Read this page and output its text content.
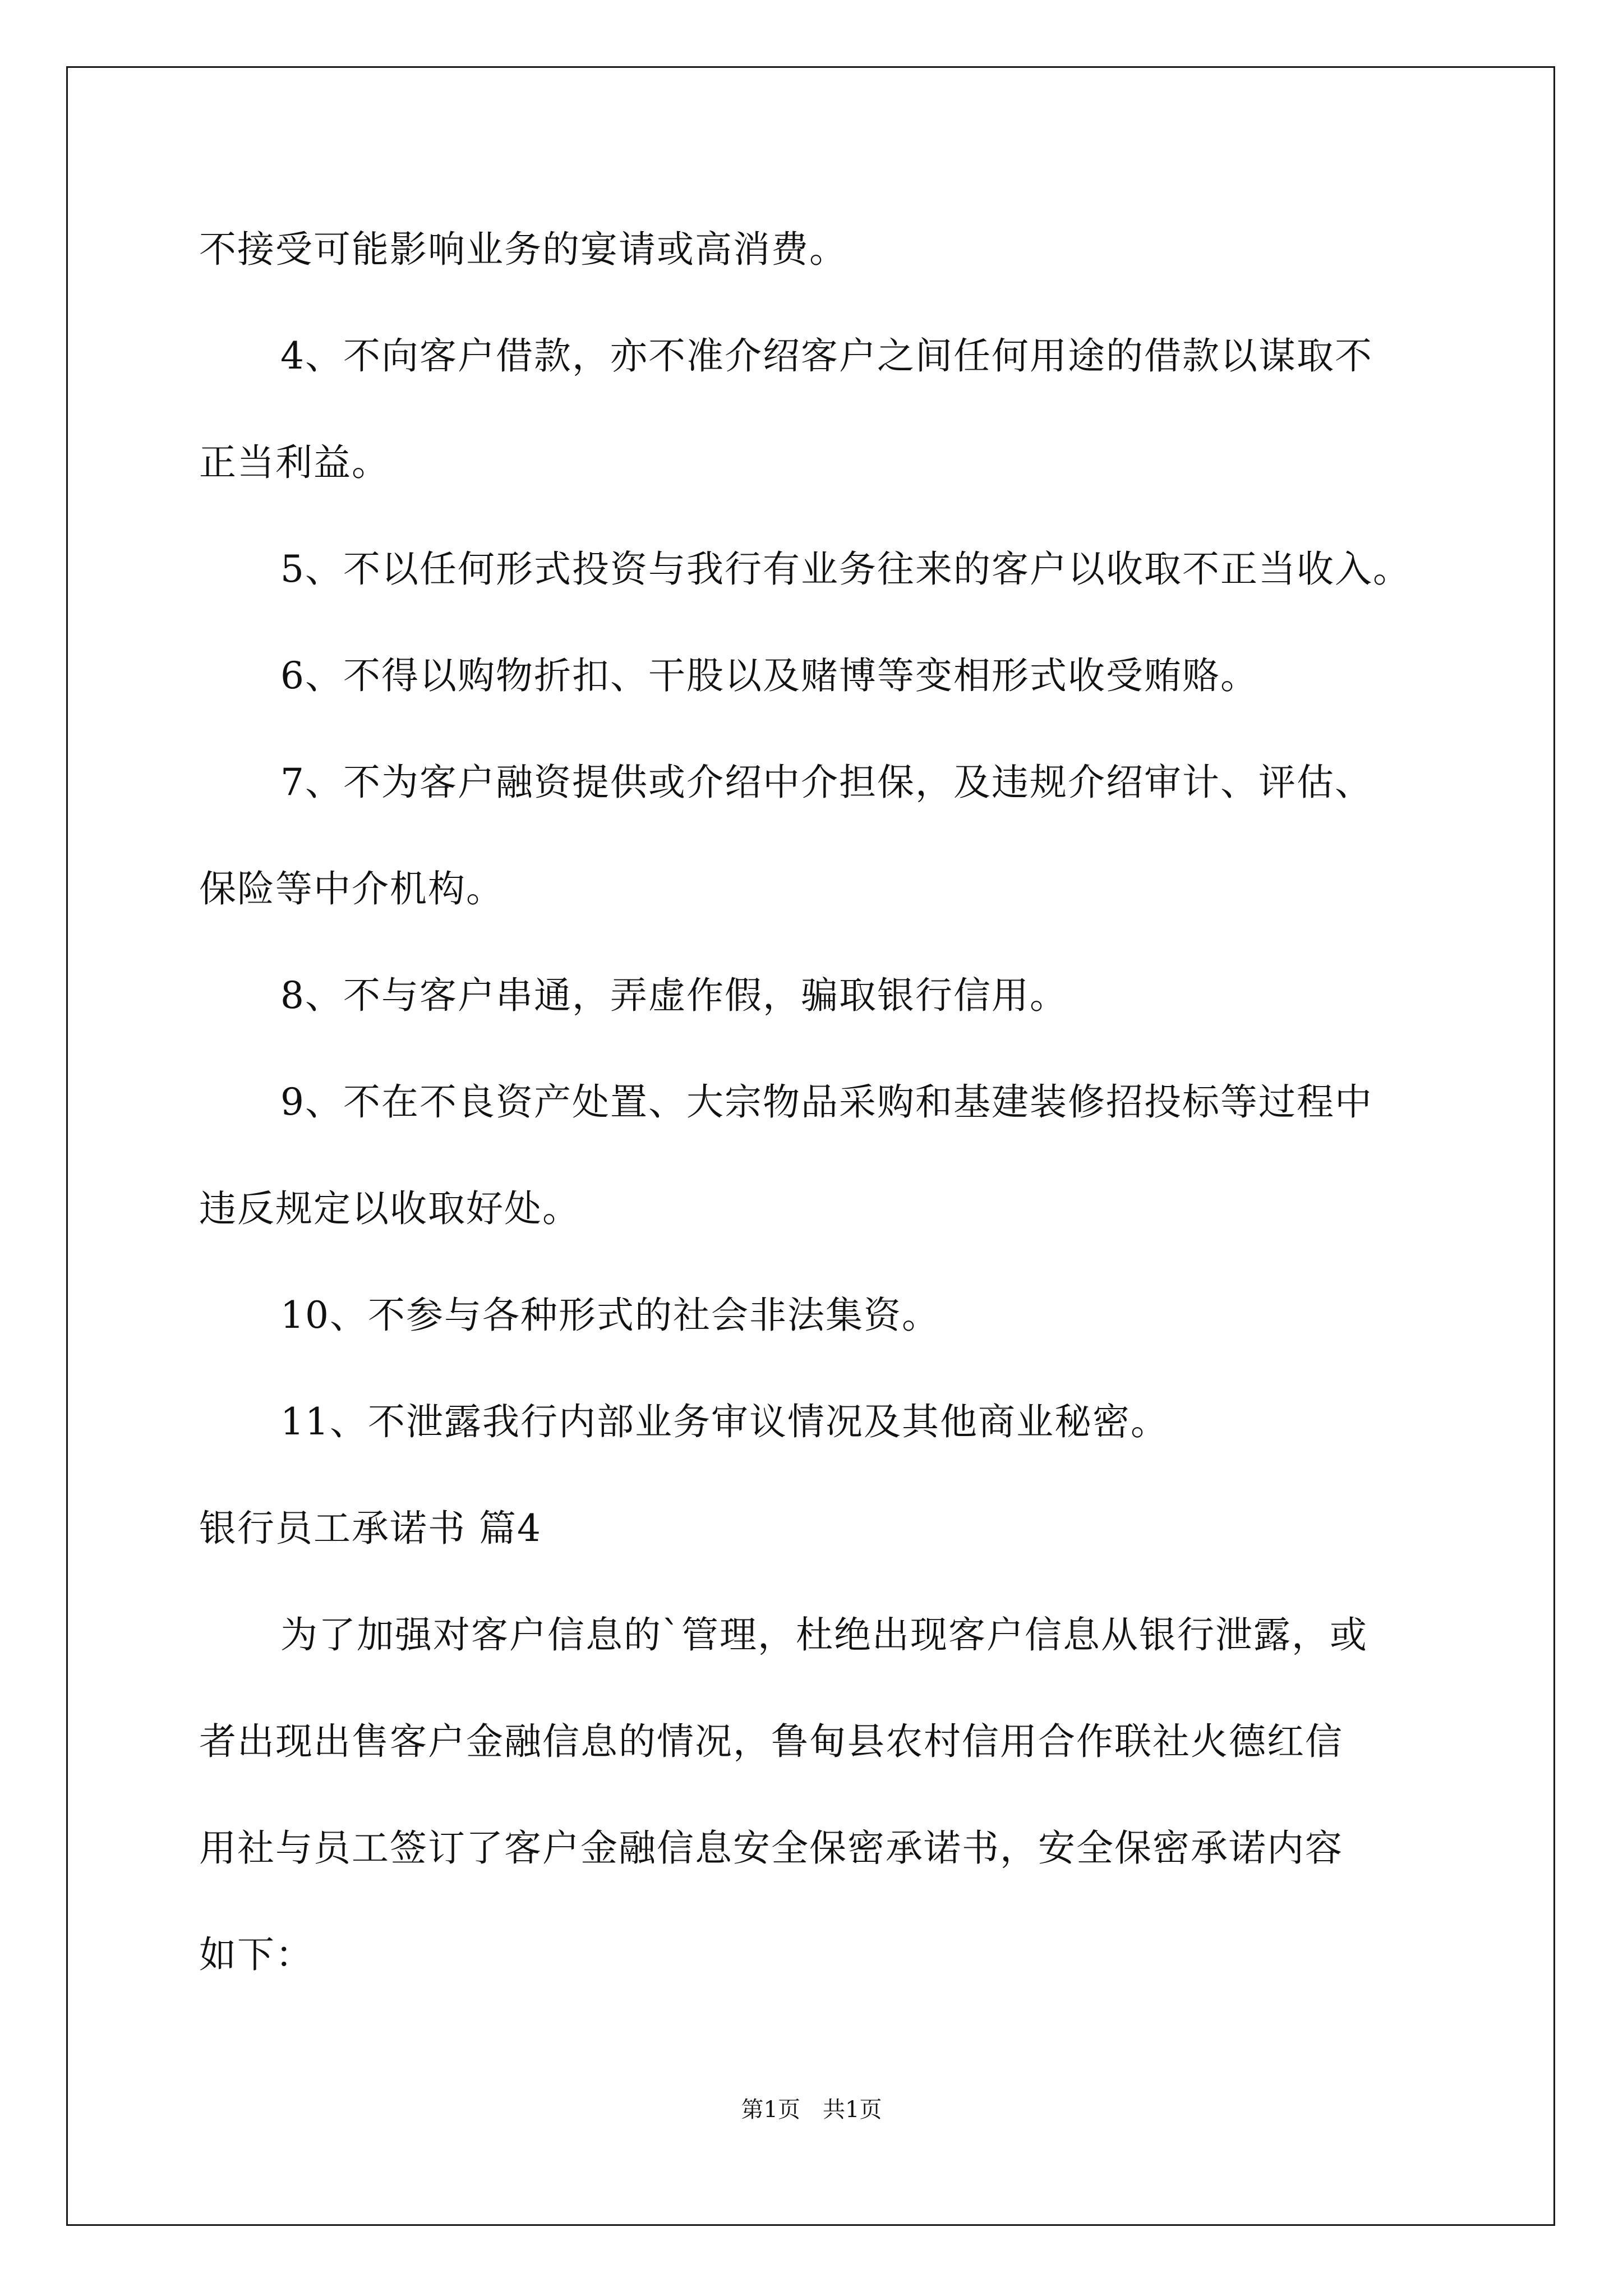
不接受可能影响业务的宴请或高消费。

4、不向客户借款，亦不准介绍客户之间任何用途的借款以谋取不

正当利益。

5、不以任何形式投资与我行有业务往来的客户以收取不正当收入。

6、不得以购物折扣、干股以及赌博等变相形式收受贿赂。

7、不为客户融资提供或介绍中介担保，及违规介绍审计、评估、

保险等中介机构。

8、不与客户串通，弄虚作假，骗取银行信用。

9、不在不良资产处置、大宗物品采购和基建装修招投标等过程中

违反规定以收取好处。

10、不参与各种形式的社会非法集资。

11、不泄露我行内部业务审议情况及其他商业秘密。

银行员工承诺书 篇4

为了加强对客户信息的`管理，杜绝出现客户信息从银行泄露，或

者出现出售客户金融信息的情况，鲁甸县农村信用合作联社火德红信

用社与员工签订了客户金融信息安全保密承诺书，安全保密承诺内容

如下：

第1页　共1页
